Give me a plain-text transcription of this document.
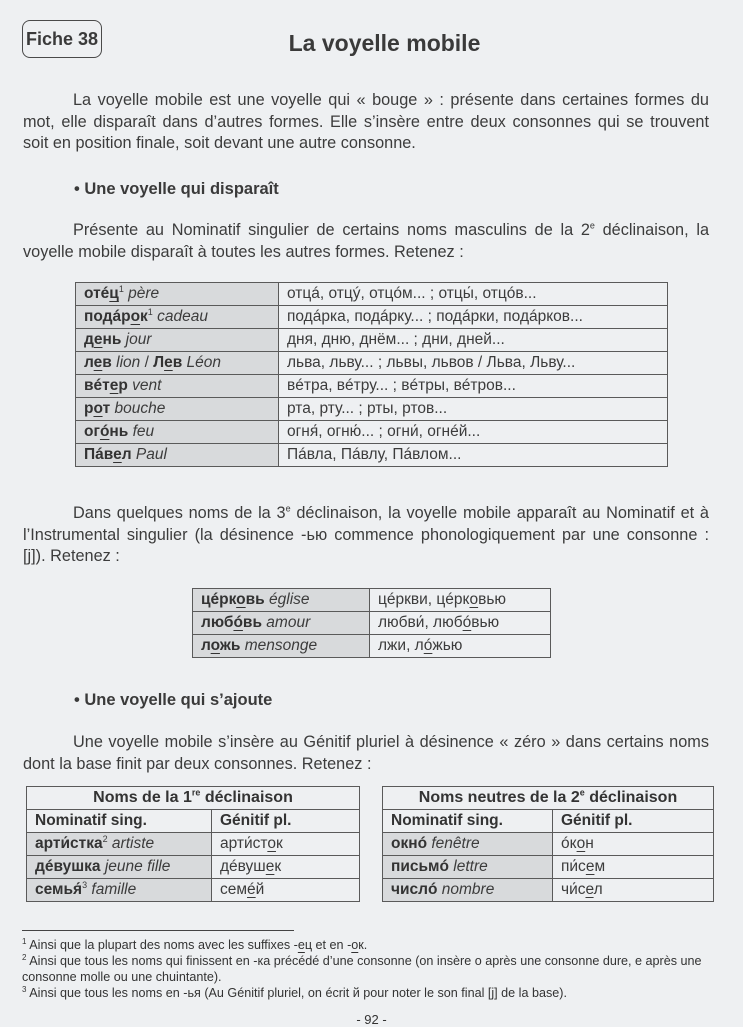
Fiche 38	La voyelle mobile
La voyelle mobile est une voyelle qui « bouge » : présente dans certaines formes du mot, elle disparaît dans d’autres formes. Elle s’insère entre deux consonnes qui se trouvent soit en position finale, soit devant une autre consonne.
• Une voyelle qui disparaît
Présente au Nominatif singulier de certains noms masculins de la 2e déclinaison, la voyelle mobile disparaît à toutes les autres formes. Retenez :
отéц$^1$ père	отцá, отцý, отцóм... ; отцы́, отцóв...
подáрок$^1$ cadeau	подáрка, подáрку... ; подáрки, подáрков...
день jour	дня, дню, днём... ; дни, дней...
лев lion / Лев Léon	льва, льву... ; львы, львов / Льва, Льву...
вéтер vent	вéтра, вéтру... ; вéтры, вéтров...
рот bouche	рта, рту... ; рты, ртов...
огóнь feu	огня́, огню́... ; огни́, огнéй...
Пáвел Paul	Пáвла, Пáвлу, Пáвлом...
Dans quelques noms de la 3e déclinaison, la voyelle mobile apparaît au Nominatif et à l’Instrumental singulier (la désinence -ью commence phonologiquement par une consonne : [j]). Retenez :
цéрковь église	цéркви, цéрковью
любóвь amour	любви́, любóвью
ложь mensonge	лжи, лóжью
• Une voyelle qui s’ajoute
Une voyelle mobile s’insère au Génitif pluriel à désinence « zéro » dans certains noms dont la base finit par deux consonnes. Retenez :
Noms de la 1re déclinaison	
Nominatif sing.	Génitif pl.
арти́стка$^2$ artiste	арти́сток
дéвушка jeune fille	дéвушек
семья́$^3$ famille	семéй
Noms neutres de la 2e déclinaison	
Nominatif sing.	Génitif pl.
окнó fenêtre	óкон
письмó lettre	пи́сем
числó nombre	чи́сел
$^1$ Ainsi que la plupart des noms avec les suffixes -ец et en -ок.
$^2$ Ainsi que tous les noms qui finissent en -ка précédé d’une consonne (on insère о après une consonne dure, е après une consonne molle ou une chuintante).
$^3$ Ainsi que tous les noms en -ья (Au Génitif pluriel, on écrit й pour noter le son final [j] de la base).
- 92 -
